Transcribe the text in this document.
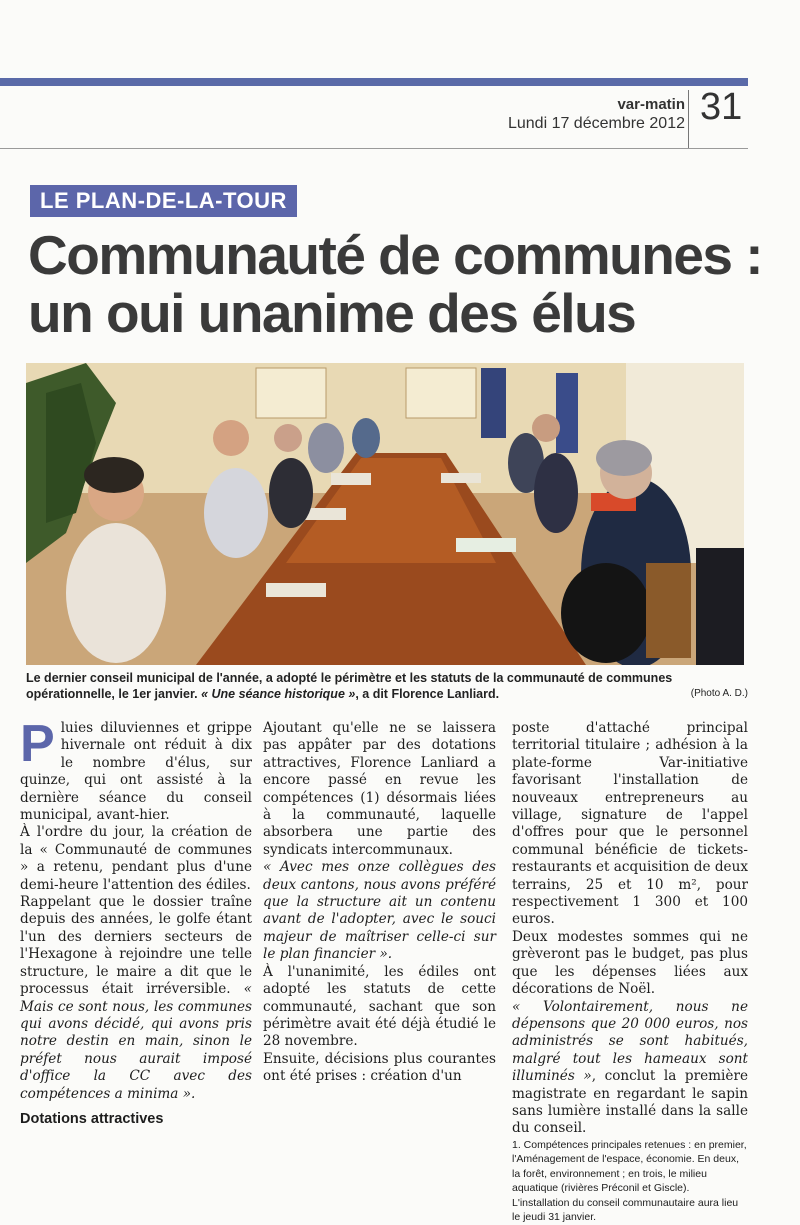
var-matin
Lundi 17 décembre 2012 31
LE PLAN-DE-LA-TOUR
Communauté de communes :
un oui unanime des élus
Le dernier conseil municipal de l'année, a adopté le périmètre et les statuts de la communauté de communes opérationnelle, le 1er janvier. « Une séance historique », a dit Florence Lanliard.	(Photo A. D.)

Pluies diluviennes et grippe hivernale ont réduit à dix le nombre d'élus, sur quinze, qui ont assisté à la dernière séance du conseil municipal, avant-hier.

À l'ordre du jour, la création de la « Communauté de communes » a retenu, pendant plus d'une demi-heure l'attention des édiles.

Rappelant que le dossier traîne depuis des années, le golfe étant l'un des derniers secteurs de l'Hexagone à rejoindre une telle structure, le maire a dit que le processus était irréversible. « Mais ce sont nous, les communes qui avons décidé, qui avons pris notre destin en main, sinon le préfet nous aurait imposé d'office la CC avec des compétences a minima ».

Dotations attractives

Ajoutant qu'elle ne se laissera pas appâter par des dotations attractives, Florence Lanliard a encore passé en revue les compétences (1) désormais liées à la communauté, laquelle absorbera une partie des syndicats intercommunaux.

« Avec mes onze collègues des deux cantons, nous avons préféré que la structure ait un contenu avant de l'adopter, avec le souci majeur de maîtriser celle-ci sur le plan financier ».

À l'unanimité, les édiles ont adopté les statuts de cette communauté, sachant que son périmètre avait été déjà étudié le 28 novembre.

Ensuite, décisions plus courantes ont été prises : création d'un

poste d'attaché principal territorial titulaire ; adhésion à la plate-forme Var-initiative favorisant l'installation de nouveaux entrepreneurs au village, signature de l'appel d'offres pour que le personnel communal bénéficie de tickets-restaurants et acquisition de deux terrains, 25 et 10 m², pour respectivement 1 300 et 100 euros.

Deux modestes sommes qui ne grèveront pas le budget, pas plus que les dépenses liées aux décorations de Noël.

« Volontairement, nous ne dépensons que 20 000 euros, nos administrés se sont habitués, malgré tout les hameaux sont illuminés », conclut la première magistrate en regardant le sapin sans lumière installé dans la salle du conseil.

1. Compétences principales retenues : en premier, l'Aménagement de l'espace, économie. En deux, la forêt, environnement ; en trois, le milieu aquatique (rivières Préconil et Giscle). L'installation du conseil communautaire aura lieu le jeudi 31 janvier.
